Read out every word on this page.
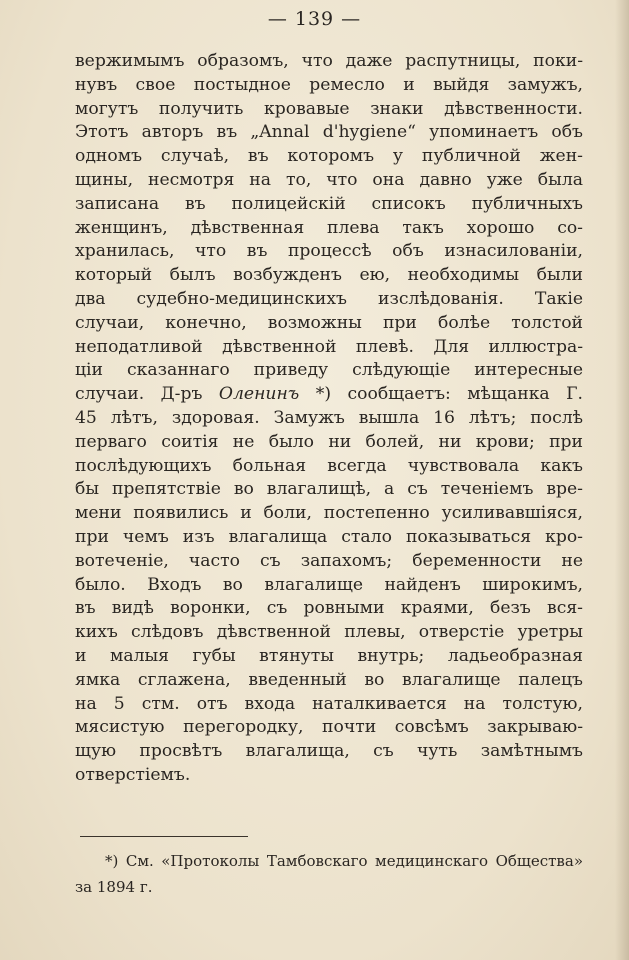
— 139 —
вержимымъ образомъ, что даже распутницы, поки-
нувъ свое постыдное ремесло и выйдя замужъ,
могутъ получить кровавые знаки дѣвственности.
Этотъ авторъ въ „Annal d'hygiene“ упоминаетъ объ
одномъ случаѣ, въ которомъ у публичной жен-
щины, несмотря на то, что она давно уже была
записана въ полицейскій списокъ публичныхъ
женщинъ, дѣвственная плева такъ хорошо со-
хранилась, что въ процессѣ объ изнасилованіи,
который былъ возбужденъ ею, необходимы были
два судебно-медицинскихъ изслѣдованія. Такіе
случаи, конечно, возможны при болѣе толстой
неподатливой дѣвственной плевѣ. Для иллюстра-
ціи сказаннаго приведу слѣдующіе интересные
случаи. Д-ръ Оленинъ *) сообщаетъ: мѣщанка Г.
45 лѣтъ, здоровая. Замужъ вышла 16 лѣтъ; послѣ
перваго соитія не было ни болей, ни крови; при
послѣдующихъ больная всегда чувствовала какъ
бы препятствіе во влагалищѣ, а съ теченіемъ вре-
мени появились и боли, постепенно усиливавшіяся,
при чемъ изъ влагалища стало показываться кро-
вотеченіе, часто съ запахомъ; беременности не
было. Входъ во влагалище найденъ широкимъ,
въ видѣ воронки, съ ровными краями, безъ вся-
кихъ слѣдовъ дѣвственной плевы, отверстіе уретры
и малыя губы втянуты внутрь; ладьеобразная
ямка сглажена, введенный во влагалище палецъ
на 5 стм. отъ входа наталкивается на толстую,
мясистую перегородку, почти совсѣмъ закрываю-
щую просвѣтъ влагалища, съ чуть замѣтнымъ
отверстіемъ.
*) См. «Протоколы Тамбовскаго медицинскаго Общества»
за 1894 г.
